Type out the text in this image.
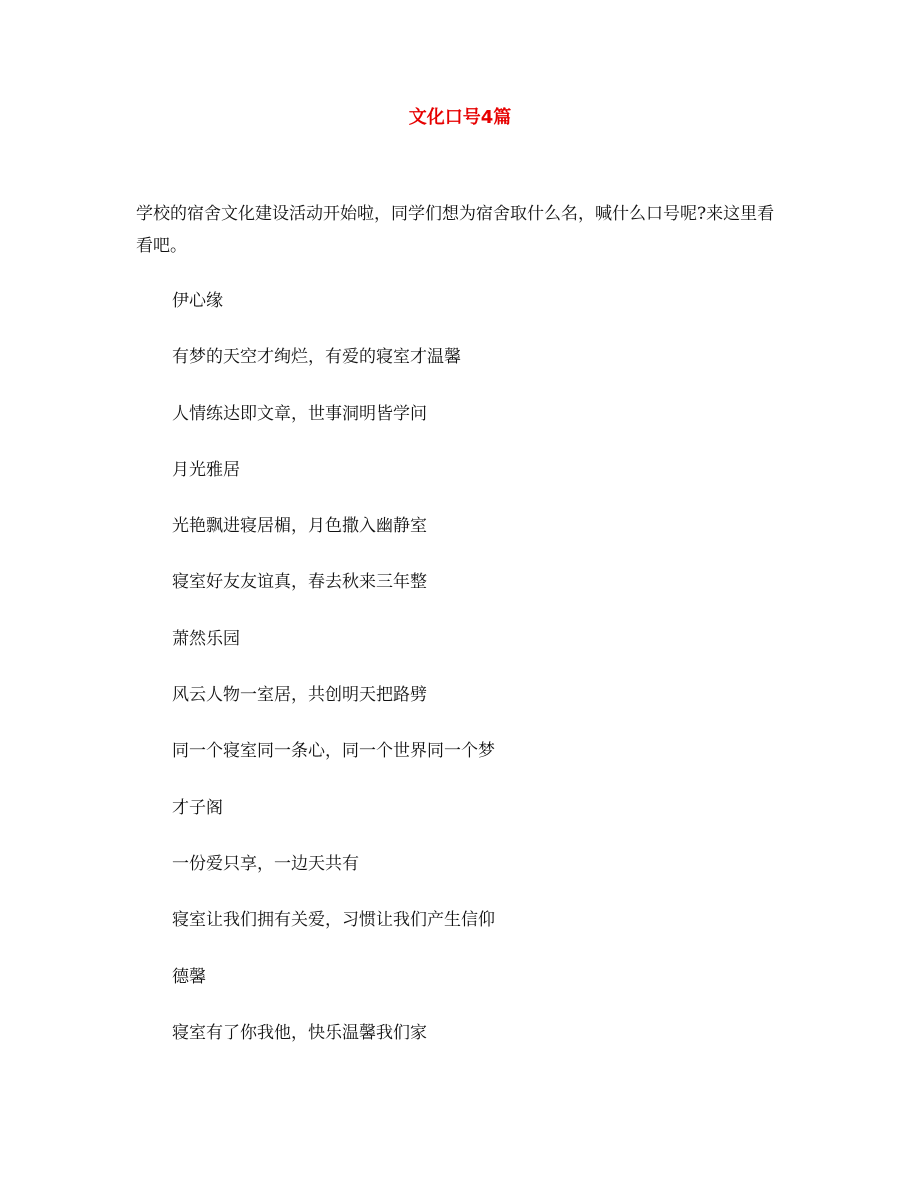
文化口号4篇

学校的宿舍文化建设活动开始啦，同学们想为宿舍取什么名，喊什么口号呢?来这里看看吧。

伊心缘
有梦的天空才绚烂，有爱的寝室才温馨
人情练达即文章，世事洞明皆学问
月光雅居
光艳飘进寝居楣，月色撒入幽静室
寝室好友友谊真，春去秋来三年整
萧然乐园
风云人物一室居，共创明天把路劈
同一个寝室同一条心，同一个世界同一个梦
才子阁
一份爱只享，一边天共有
寝室让我们拥有关爱，习惯让我们产生信仰
德馨
寝室有了你我他，快乐温馨我们家
